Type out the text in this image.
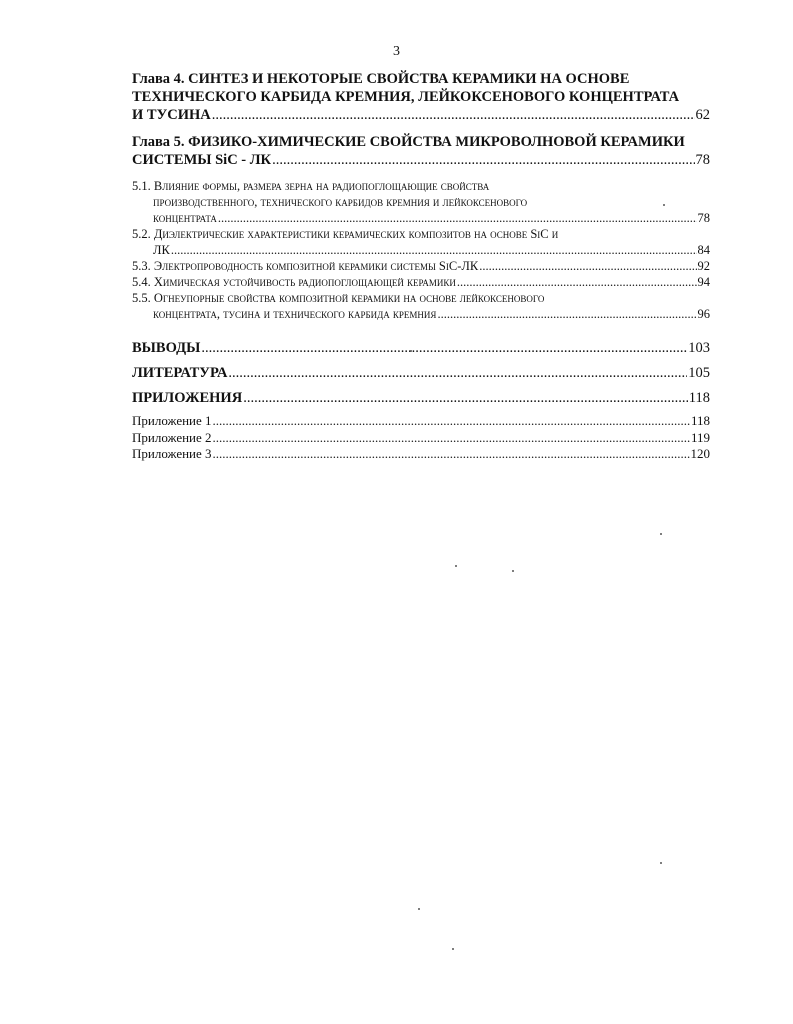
3
Глава 4. СИНТЕЗ И НЕКОТОРЫЕ СВОЙСТВА КЕРАМИКИ НА ОСНОВЕ
ТЕХНИЧЕСКОГО КАРБИДА КРЕМНИЯ, ЛЕЙКОКСЕНОВОГО КОНЦЕНТРАТА
И ТУСИНА .....	62
Глава 5. ФИЗИКО-ХИМИЧЕСКИЕ СВОЙСТВА МИКРОВОЛНОВОЙ КЕРАМИКИ
СИСТЕМЫ SiC - ЛК .....	78
5.1. Влияние формы, размера зерна на радиопоглощающие свойства
производственного, технического карбидов кремния и лейкоксенового
концентрата .....	78
5.2. Диэлектрические характеристики керамических композитов на основе SiC и
ЛК .....	84
5.3. Электропроводность композитной керамики системы SiC-ЛК .....	92
5.4. Химическая устойчивость радиопоглощающей керамики .....	94
5.5. Огнеупорные свойства композитной керамики на основе лейкоксенового
концентрата, тусина и технического карбида кремния .....	96
ВЫВОДЫ .....	103
ЛИТЕРАТУРА .....	105
ПРИЛОЖЕНИЯ .....	118
Приложение 1 .....	118
Приложение 2 .....	119
Приложение 3 .....	120
